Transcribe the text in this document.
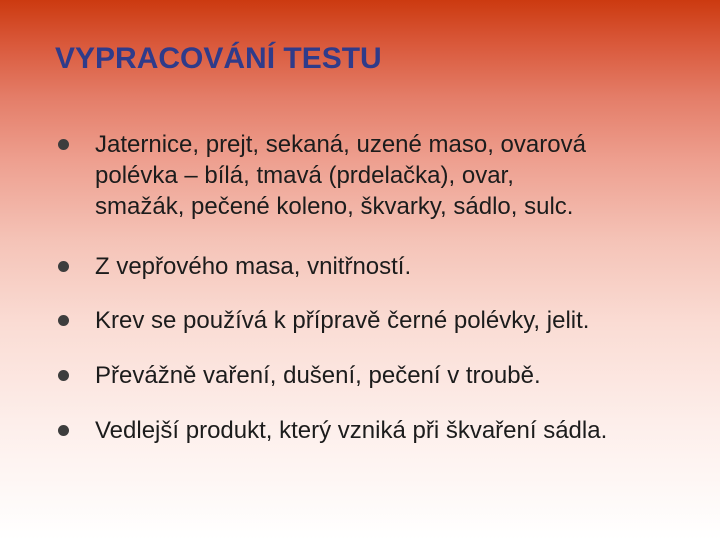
VYPRACOVÁNÍ TESTU
Jaternice, prejt, sekaná, uzené maso, ovarová
polévka – bílá, tmavá (prdelačka), ovar,
smažák, pečené koleno, škvarky, sádlo, sulc.
Z vepřového masa, vnitřností.
Krev se používá k přípravě černé polévky, jelit.
Převážně vaření, dušení, pečení v troubě.
Vedlejší produkt, který vzniká při škvaření sádla.
